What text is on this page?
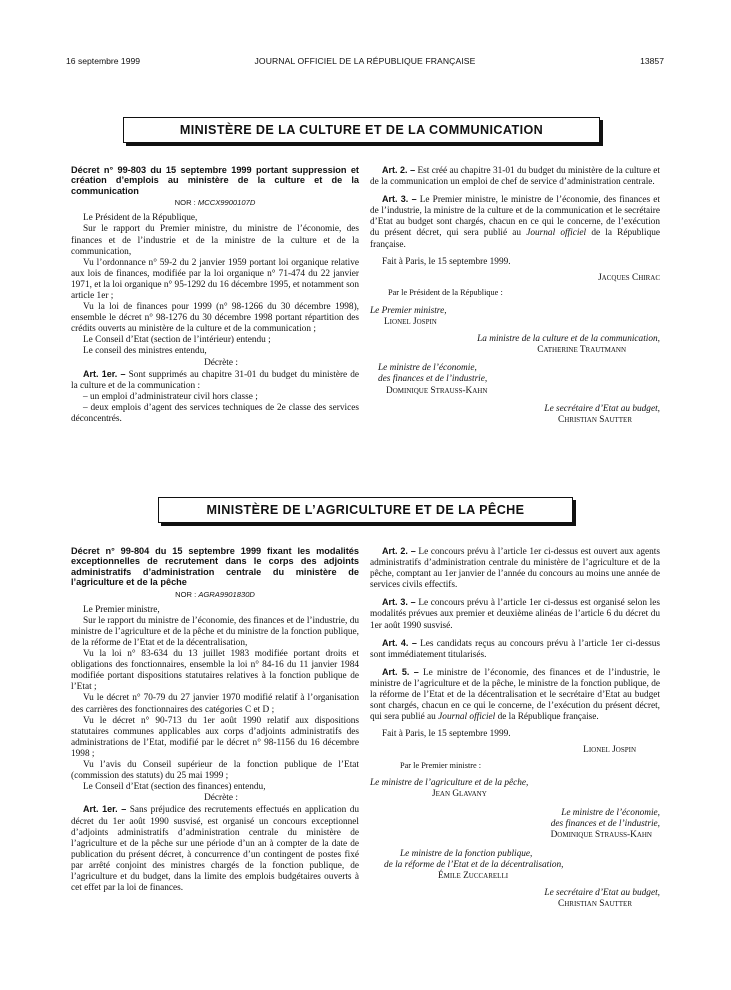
16 septembre 1999	JOURNAL OFFICIEL DE LA RÉPUBLIQUE FRANÇAISE	13857
MINISTÈRE DE LA CULTURE ET DE LA COMMUNICATION

Décret n° 99-803 du 15 septembre 1999 portant suppression et création d’emplois au ministère de la culture et de la communication

NOR : MCCX9900107D

Le Président de la République,

Sur le rapport du Premier ministre, du ministre de l’économie, des finances et de l’industrie et de la ministre de la culture et de la communication,

Vu l’ordonnance n° 59-2 du 2 janvier 1959 portant loi organique relative aux lois de finances, modifiée par la loi organique n° 71-474 du 22 janvier 1971, et la loi organique n° 95-1292 du 16 décembre 1995, et notamment son article 1er ;

Vu la loi de finances pour 1999 (n° 98-1266 du 30 décembre 1998), ensemble le décret n° 98-1276 du 30 décembre 1998 portant répartition des crédits ouverts au ministère de la culture et de la communication ;

Le Conseil d’Etat (section de l’intérieur) entendu ;

Le conseil des ministres entendu,

Décrète :

Art. 1er. – Sont supprimés au chapitre 31-01 du budget du ministère de la culture et de la communication :

– un emploi d’administrateur civil hors classe ;

– deux emplois d’agent des services techniques de 2e classe des services déconcentrés.

Art. 2. – Est créé au chapitre 31-01 du budget du ministère de la culture et de la communication un emploi de chef de service d’administration centrale.

Art. 3. – Le Premier ministre, le ministre de l’économie, des finances et de l’industrie, la ministre de la culture et de la communication et le secrétaire d’Etat au budget sont chargés, chacun en ce qui le concerne, de l’exécution du présent décret, qui sera publié au Journal officiel de la République française.

Fait à Paris, le 15 septembre 1999.

Jacques Chirac

Par le Président de la République :

Le Premier ministre,

Lionel Jospin

La ministre de la culture et de la communication,

Catherine Trautmann

Le ministre de l’économie,

des finances et de l’industrie,

Dominique Strauss-Kahn

Le secrétaire d’Etat au budget,

Christian Sautter

MINISTÈRE DE L’AGRICULTURE ET DE LA PÊCHE

Décret n° 99-804 du 15 septembre 1999 fixant les modalités exceptionnelles de recrutement dans le corps des adjoints administratifs d’administration centrale du ministère de l’agriculture et de la pêche

NOR : AGRA9901830D

Le Premier ministre,

Sur le rapport du ministre de l’économie, des finances et de l’industrie, du ministre de l’agriculture et de la pêche et du ministre de la fonction publique, de la réforme de l’Etat et de la décentralisation,

Vu la loi n° 83-634 du 13 juillet 1983 modifiée portant droits et obligations des fonctionnaires, ensemble la loi n° 84-16 du 11 janvier 1984 modifiée portant dispositions statutaires relatives à la fonction publique de l’Etat ;

Vu le décret n° 70-79 du 27 janvier 1970 modifié relatif à l’organisation des carrières des fonctionnaires des catégories C et D ;

Vu le décret n° 90-713 du 1er août 1990 relatif aux dispositions statutaires communes applicables aux corps d’adjoints administratifs des administrations de l’Etat, modifié par le décret n° 98-1156 du 16 décembre 1998 ;

Vu l’avis du Conseil supérieur de la fonction publique de l’Etat (commission des statuts) du 25 mai 1999 ;

Le Conseil d’Etat (section des finances) entendu,

Décrète :

Art. 1er. – Sans préjudice des recrutements effectués en application du décret du 1er août 1990 susvisé, est organisé un concours exceptionnel d’adjoints administratifs d’administration centrale du ministère de l’agriculture et de la pêche sur une période d’un an à compter de la date de publication du présent décret, à concurrence d’un contingent de postes fixé par arrêté conjoint des ministres chargés de la fonction publique, de l’agriculture et du budget, dans la limite des emplois budgétaires ouverts à cet effet par la loi de finances.

Art. 2. – Le concours prévu à l’article 1er ci-dessus est ouvert aux agents administratifs d’administration centrale du ministère de l’agriculture et de la pêche, comptant au 1er janvier de l’année du concours au moins une année de services civils effectifs.

Art. 3. – Le concours prévu à l’article 1er ci-dessus est organisé selon les modalités prévues aux premier et deuxième alinéas de l’article 6 du décret du 1er août 1990 susvisé.

Art. 4. – Les candidats reçus au concours prévu à l’article 1er ci-dessus sont immédiatement titularisés.

Art. 5. – Le ministre de l’économie, des finances et de l’industrie, le ministre de l’agriculture et de la pêche, le ministre de la fonction publique, de la réforme de l’Etat et de la décentralisation et le secrétaire d’Etat au budget sont chargés, chacun en ce qui le concerne, de l’exécution du présent décret, qui sera publié au Journal officiel de la République française.

Fait à Paris, le 15 septembre 1999.

Lionel Jospin

Par le Premier ministre :

Le ministre de l’agriculture et de la pêche,

Jean Glavany

Le ministre de l’économie,

des finances et de l’industrie,

Dominique Strauss-Kahn

Le ministre de la fonction publique,

de la réforme de l’Etat et de la décentralisation,

Émile Zuccarelli

Le secrétaire d’Etat au budget,

Christian Sautter
